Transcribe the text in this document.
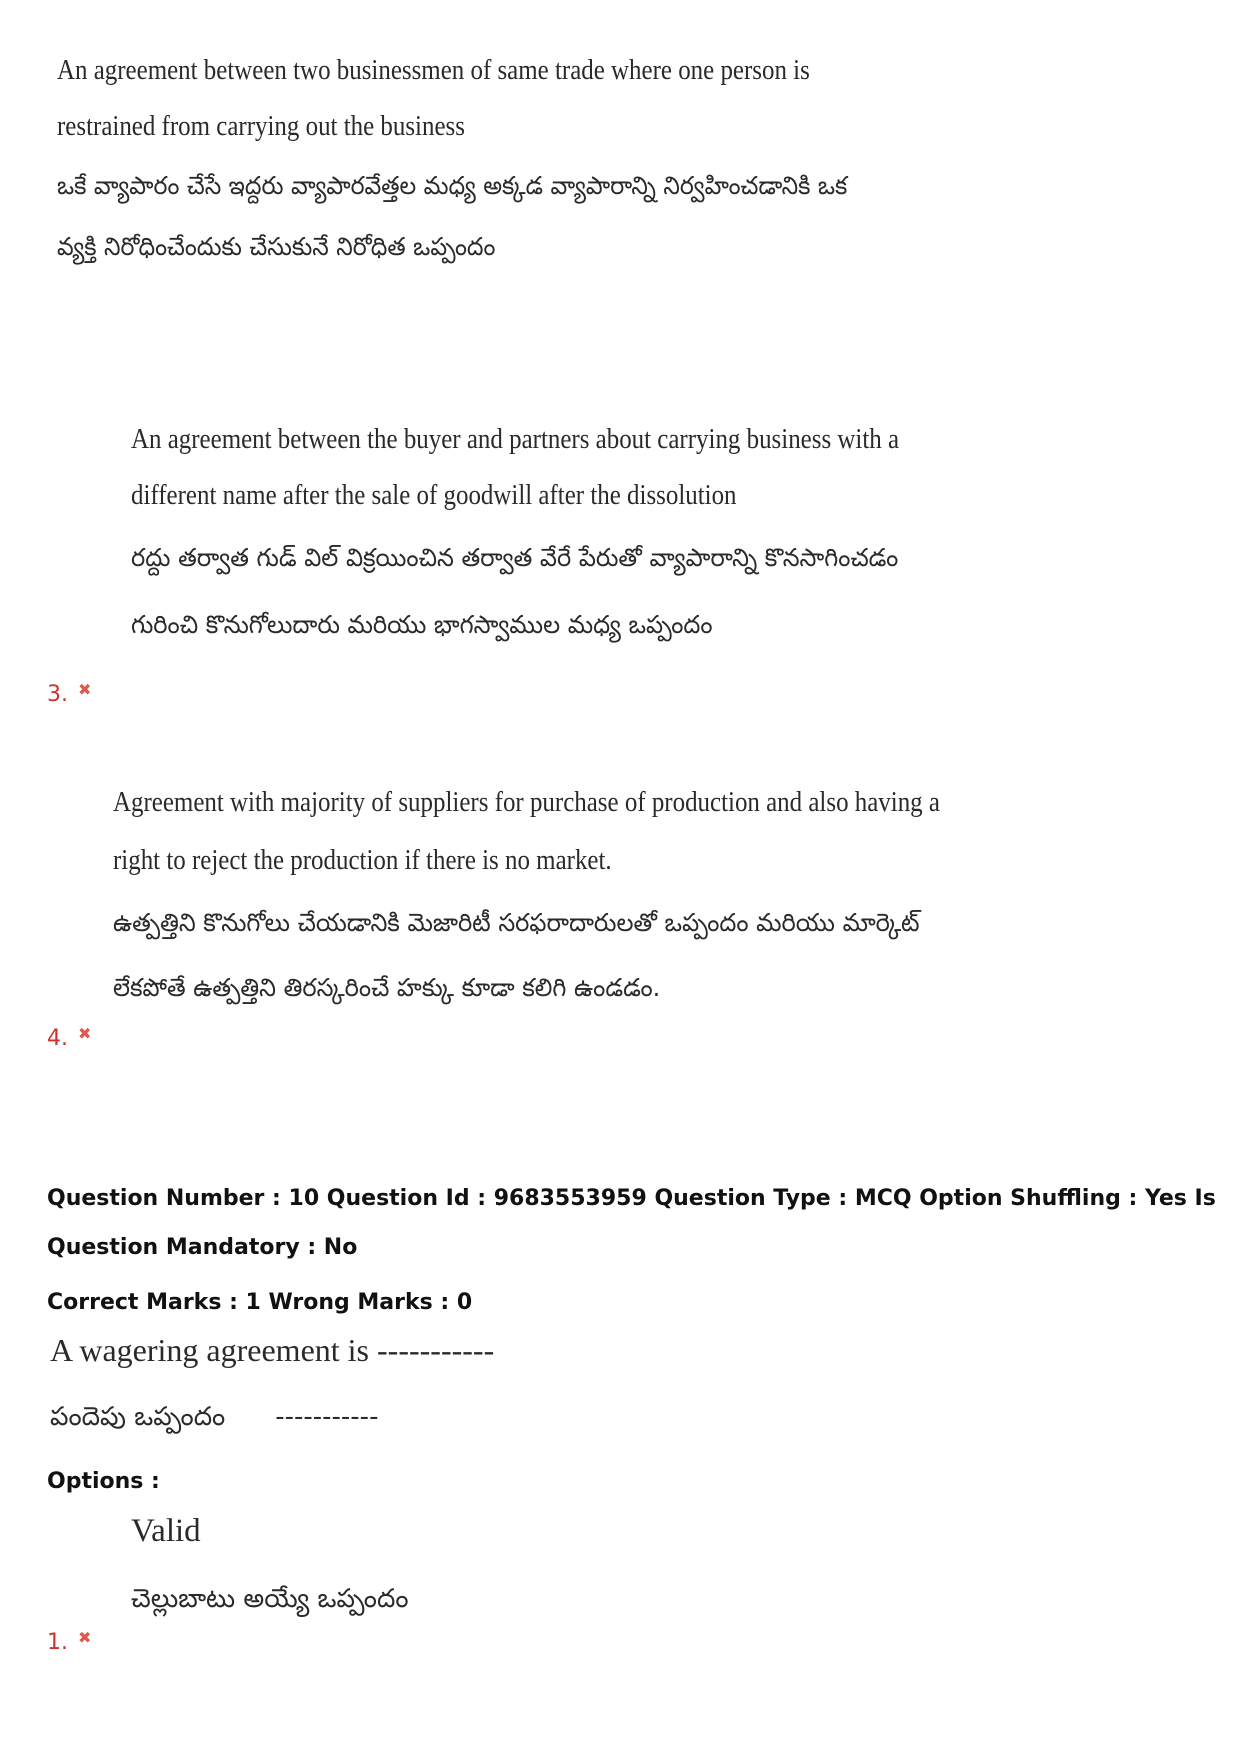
An agreement between two businessmen of same trade where one person is
restrained from carrying out the business
ఒకే వ్యాపారం చేసే ఇద్దరు వ్యాపారవేత్తల మధ్య అక్కడ వ్యాపారాన్ని నిర్వహించడానికి ఒక
వ్యక్తి నిరోధించేందుకు చేసుకునే నిరోధిత ఒప్పందం
An agreement between the buyer and partners about carrying business with a
different name after the sale of goodwill after the dissolution
రద్దు తర్వాత గుడ్ విల్ విక్రయించిన తర్వాత వేరే పేరుతో వ్యాపారాన్ని కొనసాగించడం
గురించి కొనుగోలుదారు మరియు భాగస్వాముల మధ్య ఒప్పందం
3. ✖
Agreement with majority of suppliers for purchase of production and also having a
right to reject the production if there is no market.
ఉత్పత్తిని కొనుగోలు చేయడానికి మెజారిటీ సరఫరాదారులతో ఒప్పందం మరియు మార్కెట్
లేకపోతే ఉత్పత్తిని తిరస్కరించే హక్కు కూడా కలిగి ఉండడం.
4. ✖
Question Number : 10 Question Id : 9683553959 Question Type : MCQ Option Shuffling : Yes Is
Question Mandatory : No
Correct Marks : 1 Wrong Marks : 0
A wagering agreement is -----------
పందెపు ఒప్పందం -----------
Options :
Valid
చెల్లుబాటు అయ్యే ఒప్పందం
1. ✖
